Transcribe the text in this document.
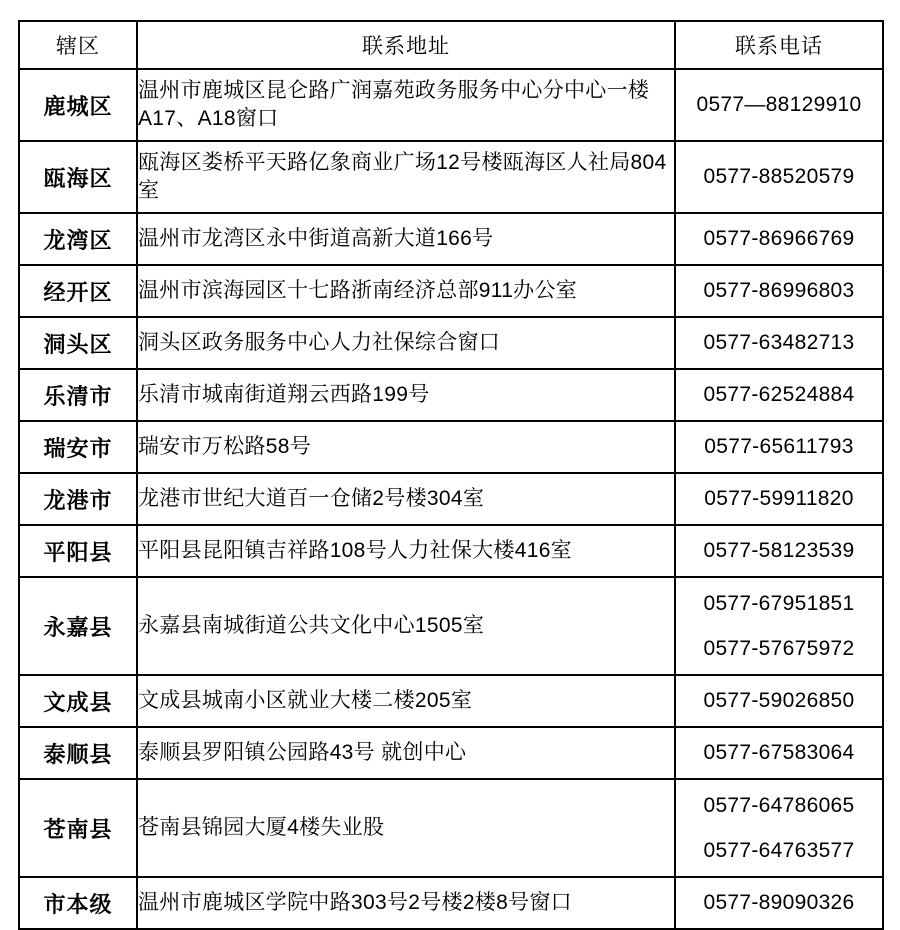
辖区	联系地址	联系电话
鹿城区	温州市鹿城区昆仑路广润嘉苑政务服务中心分中心一楼A17、A18窗口	0577—88129910

瓯海区	瓯海区娄桥平天路亿象商业广场12号楼瓯海区人社局804室	0577-88520579

龙湾区	温州市龙湾区永中街道高新大道166号	0577-86966769

经开区	温州市滨海园区十七路浙南经济总部911办公室	0577-86996803

洞头区	洞头区政务服务中心人力社保综合窗口	0577-63482713

乐清市	乐清市城南街道翔云西路199号	0577-62524884

瑞安市	瑞安市万松路58号	0577-65611793

龙港市	龙港市世纪大道百一仓储2号楼304室	0577-59911820

平阳县	平阳县昆阳镇吉祥路108号人力社保大楼416室	0577-58123539

永嘉县	永嘉县南城街道公共文化中心1505室	0577-67951851
0577-57675972

文成县	文成县城南小区就业大楼二楼205室	0577-59026850

泰顺县	泰顺县罗阳镇公园路43号 就创中心	0577-67583064

苍南县	苍南县锦园大厦4楼失业股	0577-64786065
0577-64763577

市本级	温州市鹿城区学院中路303号2号楼2楼8号窗口	0577-89090326
